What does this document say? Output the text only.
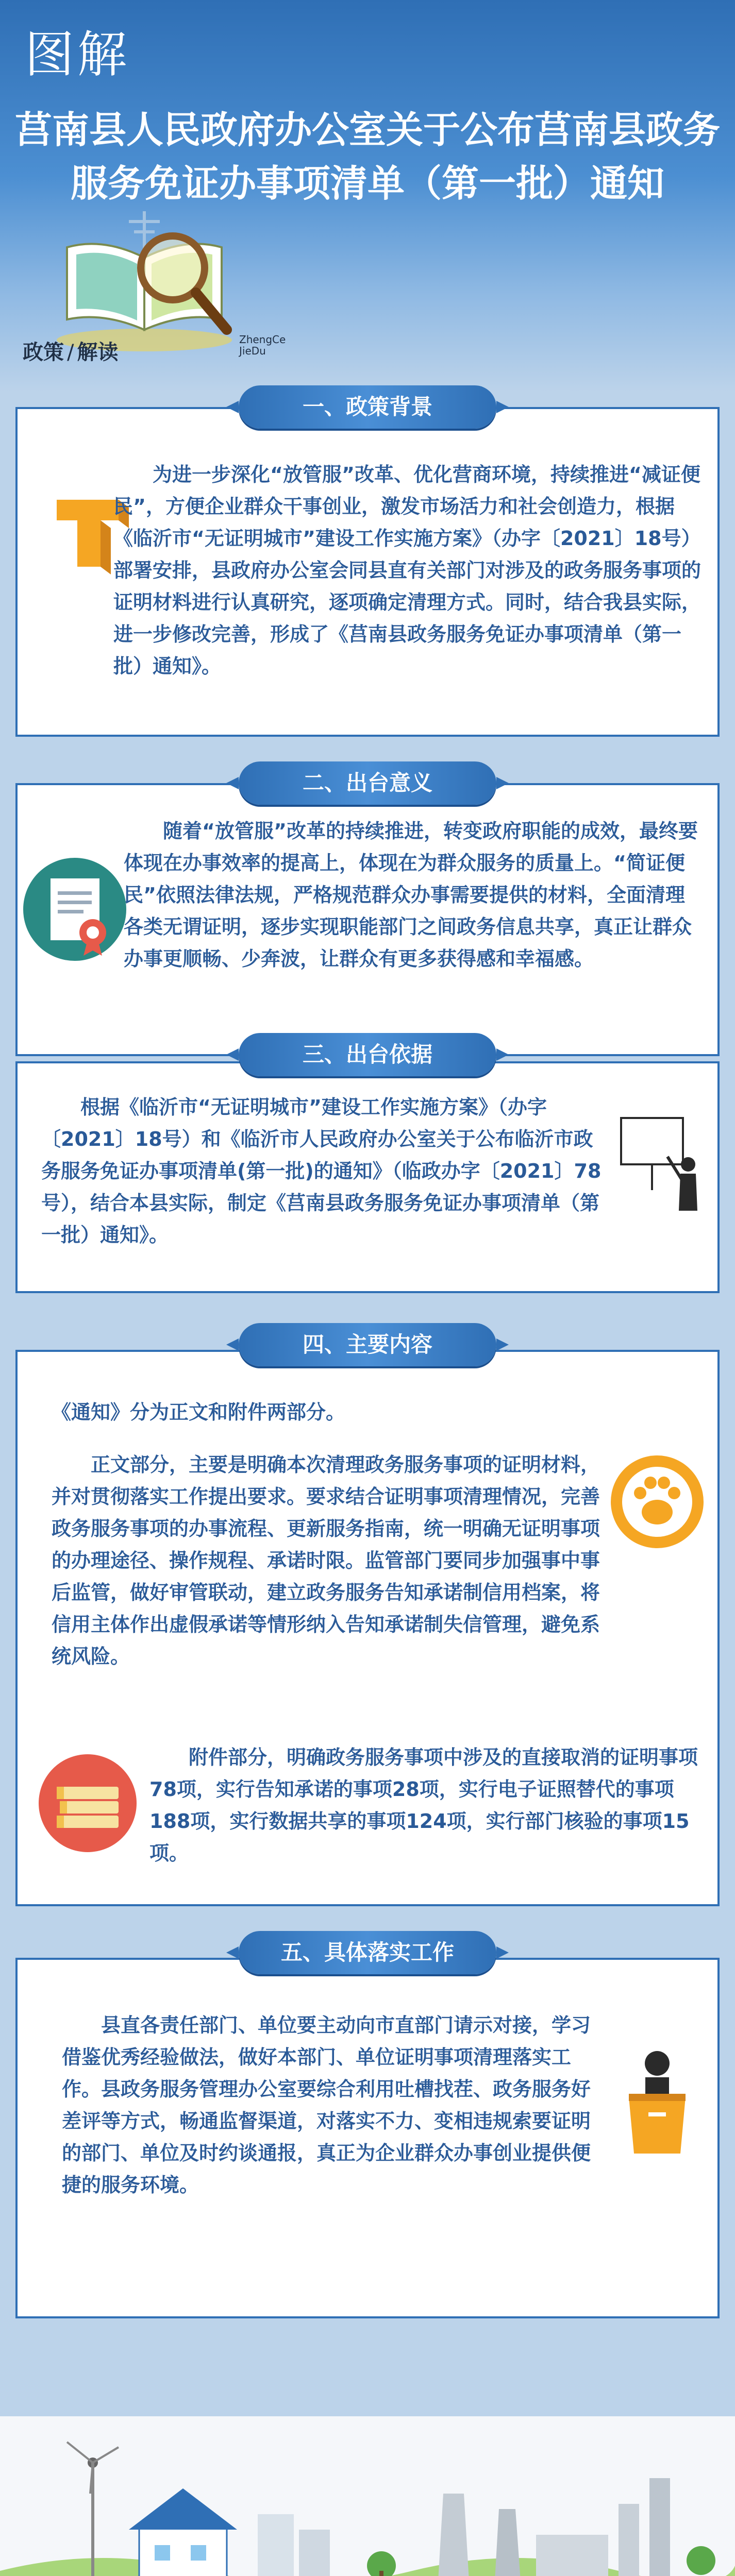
图解
莒南县人民政府办公室关于公布莒南县政务
服务免证办事项清单（第一批）通知
政策 / 解读
ZhengCe
JieDu
一、政策背景

为进一步深化“放管服”改革、优化营商环境，持续推进“减证便民”，方便企业群众干事创业，激发市场活力和社会创造力，根据《临沂市“无证明城市”建设工作实施方案》（办字〔2021〕18号）部署安排，县政府办公室会同县直有关部门对涉及的政务服务事项的证明材料进行认真研究，逐项确定清理方式。同时，结合我县实际，进一步修改完善，形成了《莒南县政务服务免证办事项清单（第一批）通知》。

二、出台意义

随着“放管服”改革的持续推进，转变政府职能的成效，最终要体现在办事效率的提高上，体现在为群众服务的质量上。“简证便民”依照法律法规，严格规范群众办事需要提供的材料，全面清理各类无谓证明，逐步实现职能部门之间政务信息共享，真正让群众办事更顺畅、少奔波，让群众有更多获得感和幸福感。

三、出台依据

根据《临沂市“无证明城市”建设工作实施方案》（办字〔2021〕18号）和《临沂市人民政府办公室关于公布临沂市政务服务免证办事项清单(第一批)的通知》（临政办字〔2021〕78号），结合本县实际，制定《莒南县政务服务免证办事项清单（第一批）通知》。

四、主要内容
《通知》分为正文和附件两部分。

正文部分，主要是明确本次清理政务服务事项的证明材料，并对贯彻落实工作提出要求。要求结合证明事项清理情况，完善政务服务事项的办事流程、更新服务指南，统一明确无证明事项的办理途径、操作规程、承诺时限。监管部门要同步加强事中事后监管，做好审管联动，建立政务服务告知承诺制信用档案，将信用主体作出虚假承诺等情形纳入告知承诺制失信管理，避免系统风险。

附件部分，明确政务服务事项中涉及的直接取消的证明事项78项，实行告知承诺的事项28项，实行电子证照替代的事项188项，实行数据共享的事项124项，实行部门核验的事项15项。

五、具体落实工作

县直各责任部门、单位要主动向市直部门请示对接，学习借鉴优秀经验做法，做好本部门、单位证明事项清理落实工作。县政务服务管理办公室要综合利用吐槽找茬、政务服务好差评等方式，畅通监督渠道，对落实不力、变相违规索要证明的部门、单位及时约谈通报，真正为企业群众办事创业提供便捷的服务环境。
